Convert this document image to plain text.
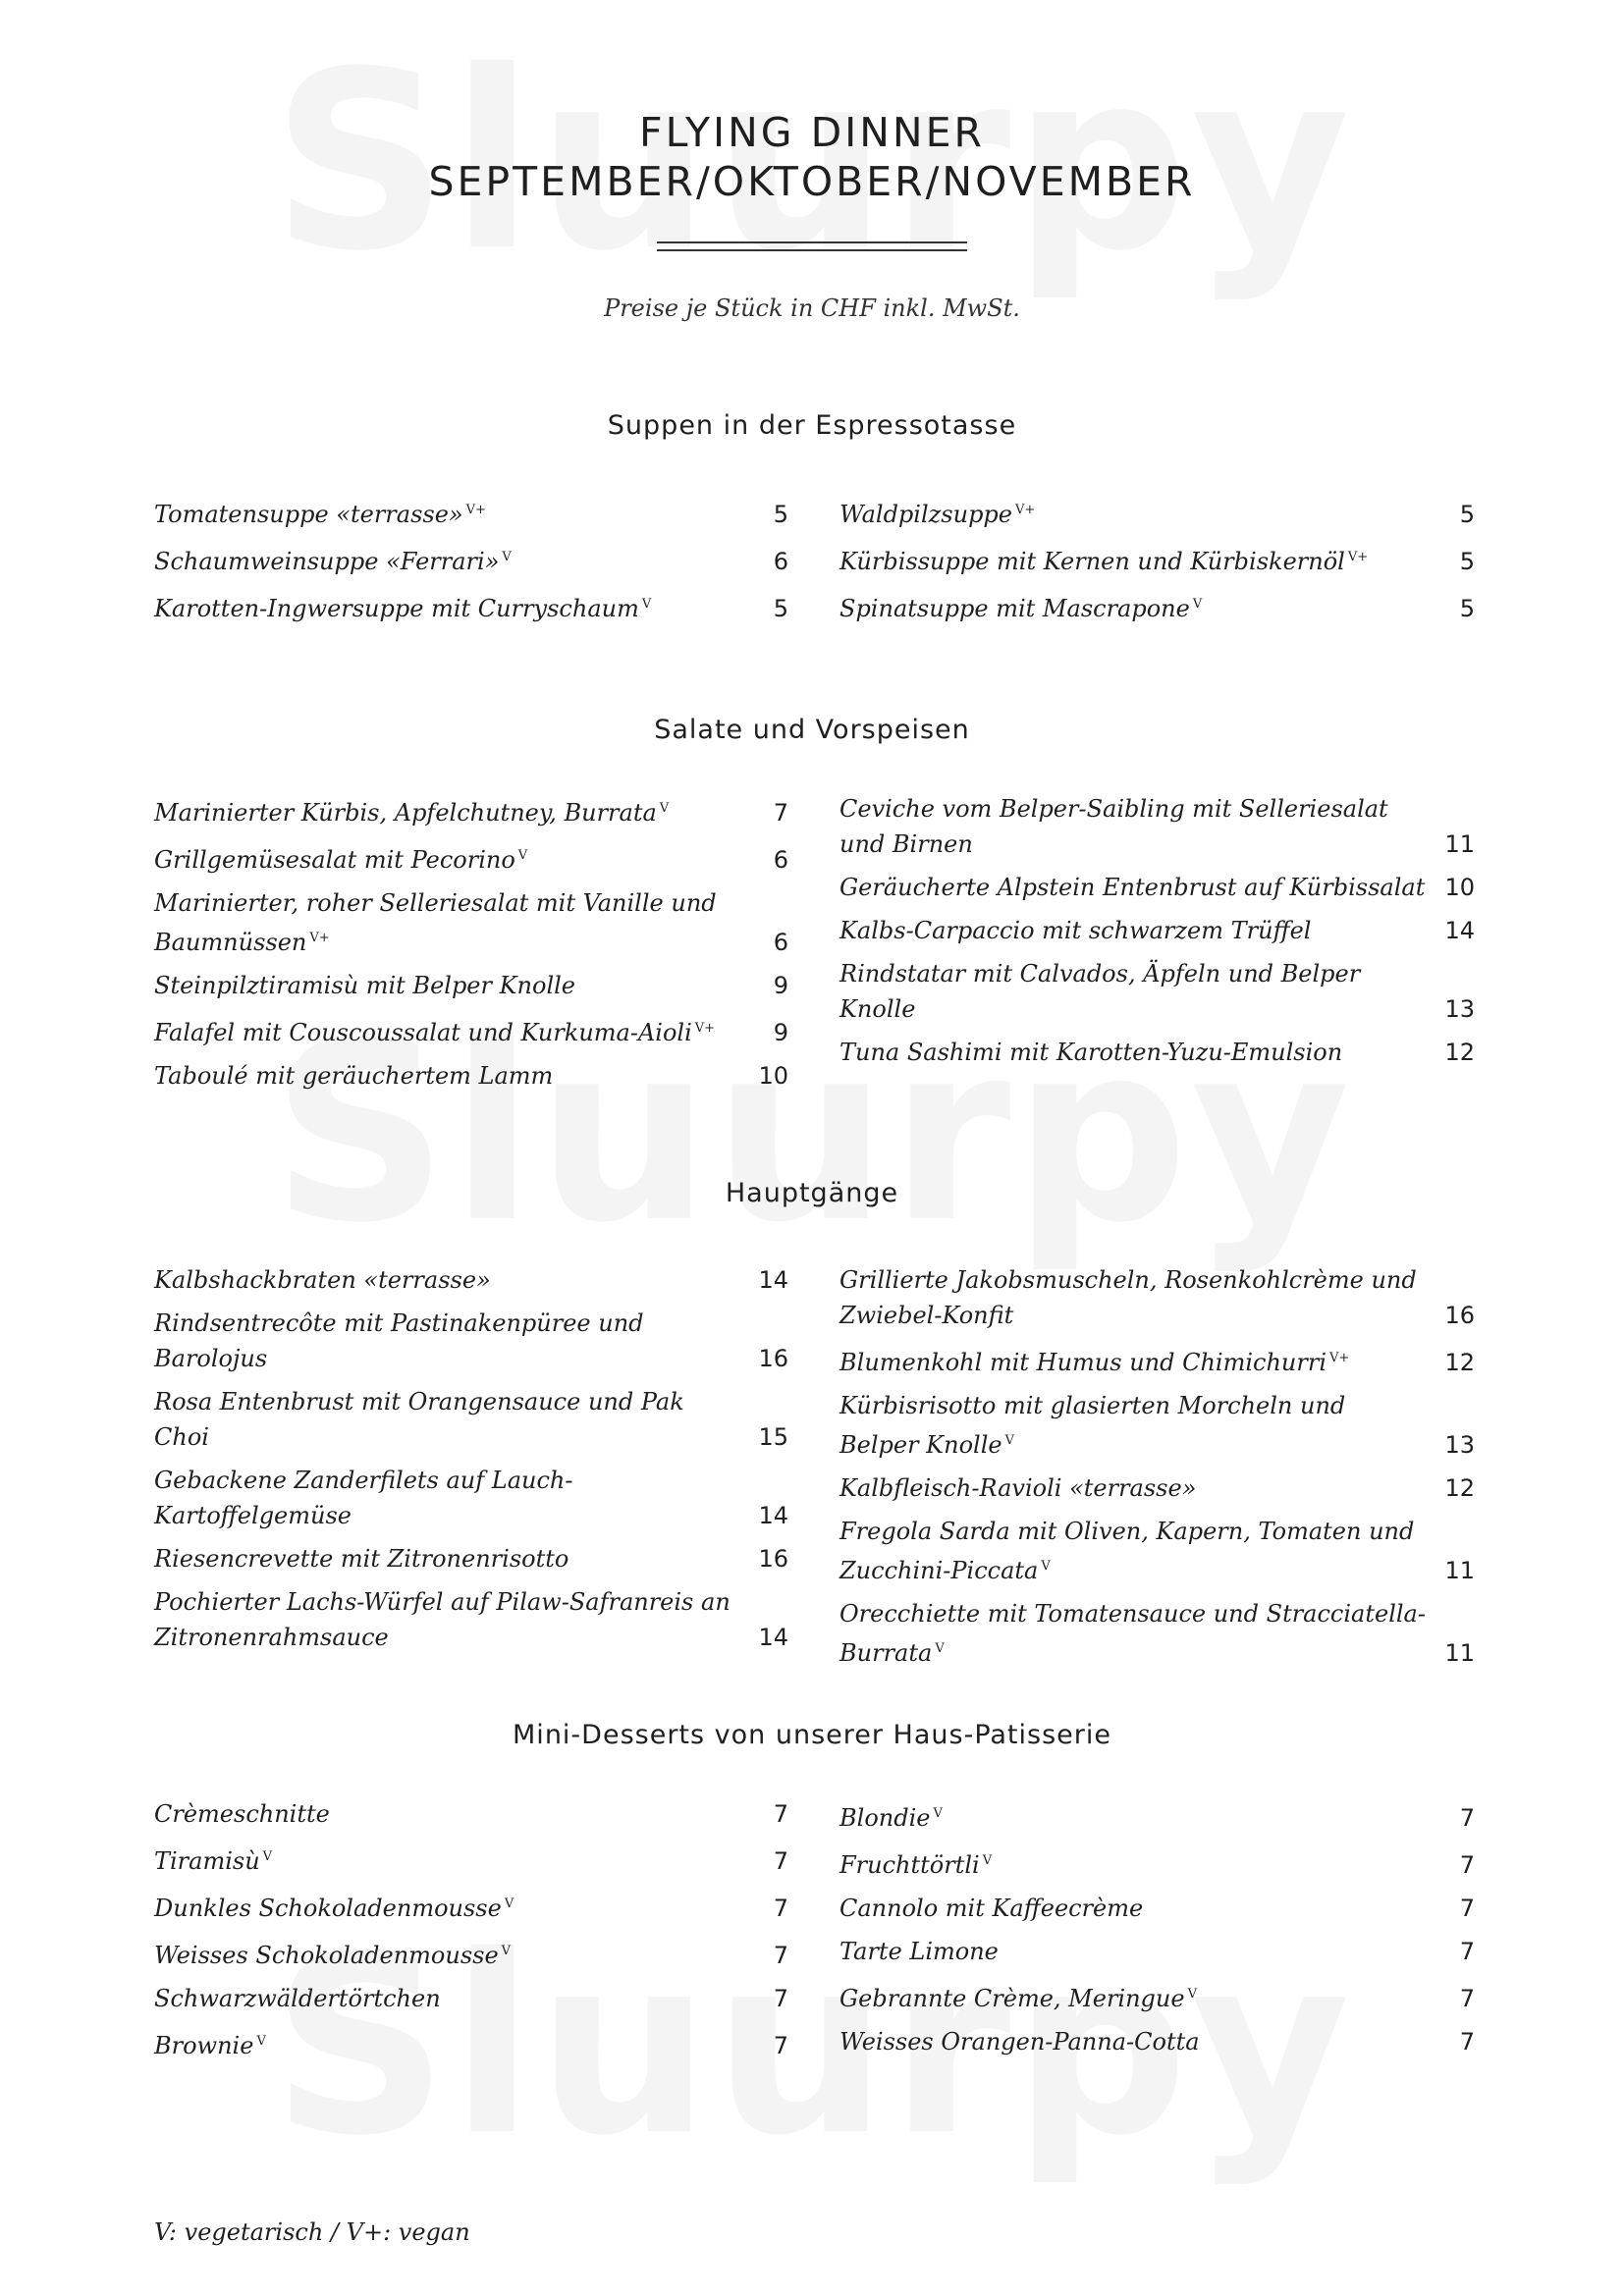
FLYING DINNER
SEPTEMBER/OKTOBER/NOVEMBER
Preise je Stück in CHF inkl. MwSt.
Suppen in der Espressotasse
Tomatensuppe «terrasse» $^{V+}$	5
Schaumweinsuppe «Ferrari» $^V$	6
Karotten-Ingwersuppe mit Curryschaum $^V$	5
Waldpilzsuppe $^{V+}$	5
Kürbissuppe mit Kernen und Kürbiskernöl $^{V+}$	5
Spinatsuppe mit Mascrapone $^V$	5
Salate und Vorspeisen
Marinierter Kürbis, Apfelchutney, Burrata $^V$	7
Grillgemüsesalat mit Pecorino $^V$	6
Marinierter, roher Selleriesalat mit Vanille und Baumnüssen $^{V+}$	6
Steinpilztiramisù mit Belper Knolle	9
Falafel mit Couscoussalat und Kurkuma-Aioli $^{V+}$	9
Taboulé mit geräuchertem Lamm	10
Ceviche vom Belper-Saibling mit Selleriesalat und Birnen	11
Geräucherte Alpstein Entenbrust auf Kürbissalat 10
Kalbs-Carpaccio mit schwarzem Trüffel	14
Rindstatar mit Calvados, Äpfeln und Belper Knolle	13
Tuna Sashimi mit Karotten-Yuzu-Emulsion	12
Hauptgänge
Kalbshackbraten «terrasse»	14
Rindsentrecôte mit Pastinakenpüree und Barolojus	16
Rosa Entenbrust mit Orangensauce und Pak Choi	15
Gebackene Zanderfilets auf Lauch-Kartoffelgemüse	14
Riesencrevette mit Zitronenrisotto	16
Pochierter Lachs-Würfel auf Pilaw-Safranreis an Zitronenrahmsauce	14
Grillierte Jakobsmuscheln, Rosenkohlcrème und Zwiebel-Konfit	16
Blumenkohl mit Humus und Chimichurri $^{V+}$	12
Kürbisrisotto mit glasierten Morcheln und Belper Knolle $^V$	13
Kalbfleisch-Ravioli «terrasse»	12
Fregola Sarda mit Oliven, Kapern, Tomaten und Zucchini-Piccata $^V$	11
Orecchiette mit Tomatensauce und Stracciatella-Burrata $^V$	11
Mini-Desserts von unserer Haus-Patisserie
Crèmeschnitte	7
Tiramisù $^V$	7
Dunkles Schokoladenmousse $^V$	7
Weisses Schokoladenmousse $^V$	7
Schwarzwäldertörtchen	7
Brownie $^V$	7
Blondie $^V$	7
Fruchttörtli $^V$	7
Cannolo mit Kaffeecrème	7
Tarte Limone	7
Gebrannte Crème, Meringue $^V$	7
Weisses Orangen-Panna-Cotta	7
V: vegetarisch / V+: vegan
